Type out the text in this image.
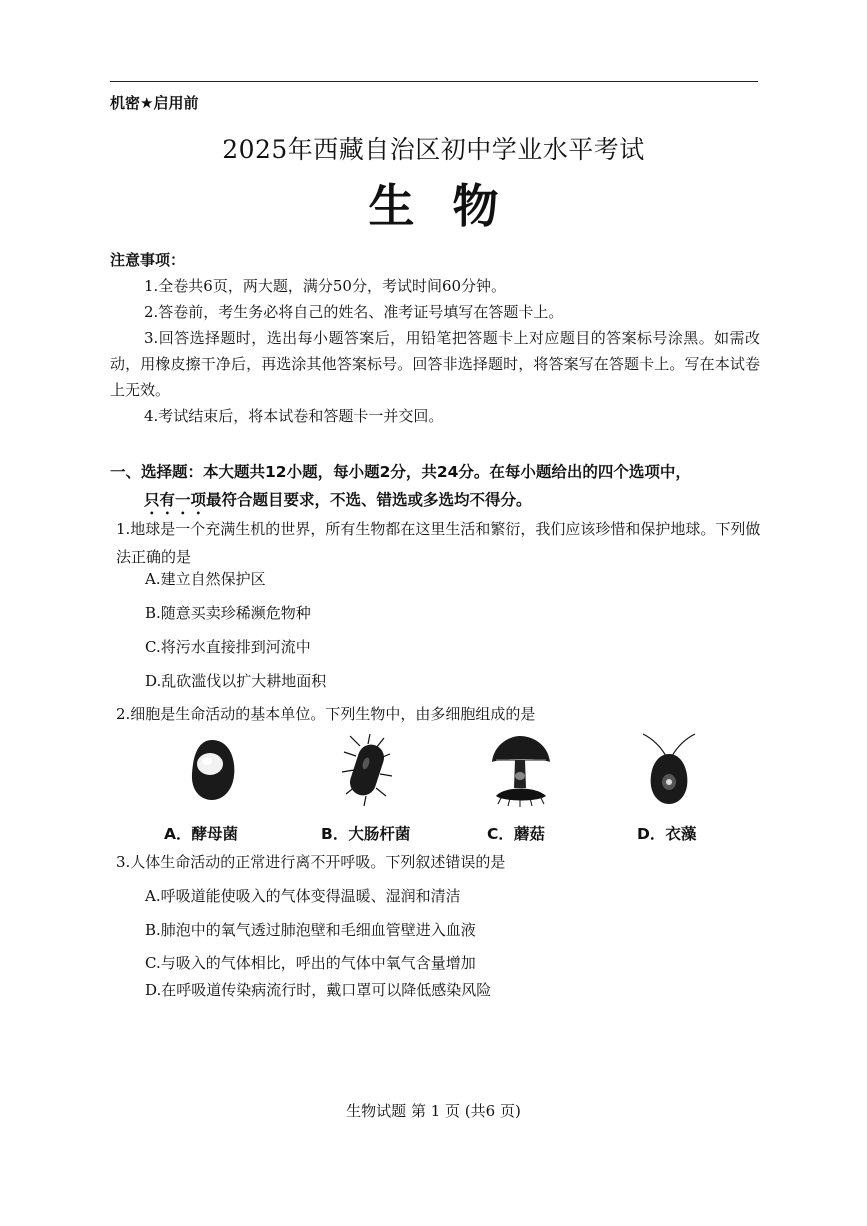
机密★启用前
2025年西藏自治区初中学业水平考试
生物
注意事项：
1.全卷共6页，两大题，满分50分，考试时间60分钟。
2.答卷前，考生务必将自己的姓名、准考证号填写在答题卡上。
3.回答选择题时，选出每小题答案后，用铅笔把答题卡上对应题目的答案标号涂黑。如需改动，用橡皮擦干净后，再选涂其他答案标号。回答非选择题时，将答案写在答题卡上。写在本试卷上无效。
4.考试结束后，将本试卷和答题卡一并交回。
一、选择题：本大题共12小题，每小题2分，共24分。在每小题给出的四个选项中，
只有一项最符合题目要求，不选、错选或多选均不得分。
1.地球是一个充满生机的世界，所有生物都在这里生活和繁衍，我们应该珍惜和保护地球。下列做法正确的是
A.建立自然保护区
B.随意买卖珍稀濒危物种
C.将污水直接排到河流中
D.乱砍滥伐以扩大耕地面积
2.细胞是生命活动的基本单位。下列生物中，由多细胞组成的是
A．酵母菌	B．大肠杆菌	C．蘑菇	D．衣藻
3.人体生命活动的正常进行离不开呼吸。下列叙述错误的是
A.呼吸道能使吸入的气体变得温暖、湿润和清洁
B.肺泡中的氧气透过肺泡壁和毛细血管壁进入血液
C.与吸入的气体相比，呼出的气体中氧气含量增加
D.在呼吸道传染病流行时，戴口罩可以降低感染风险
生物试题 第 1 页 (共6 页)
